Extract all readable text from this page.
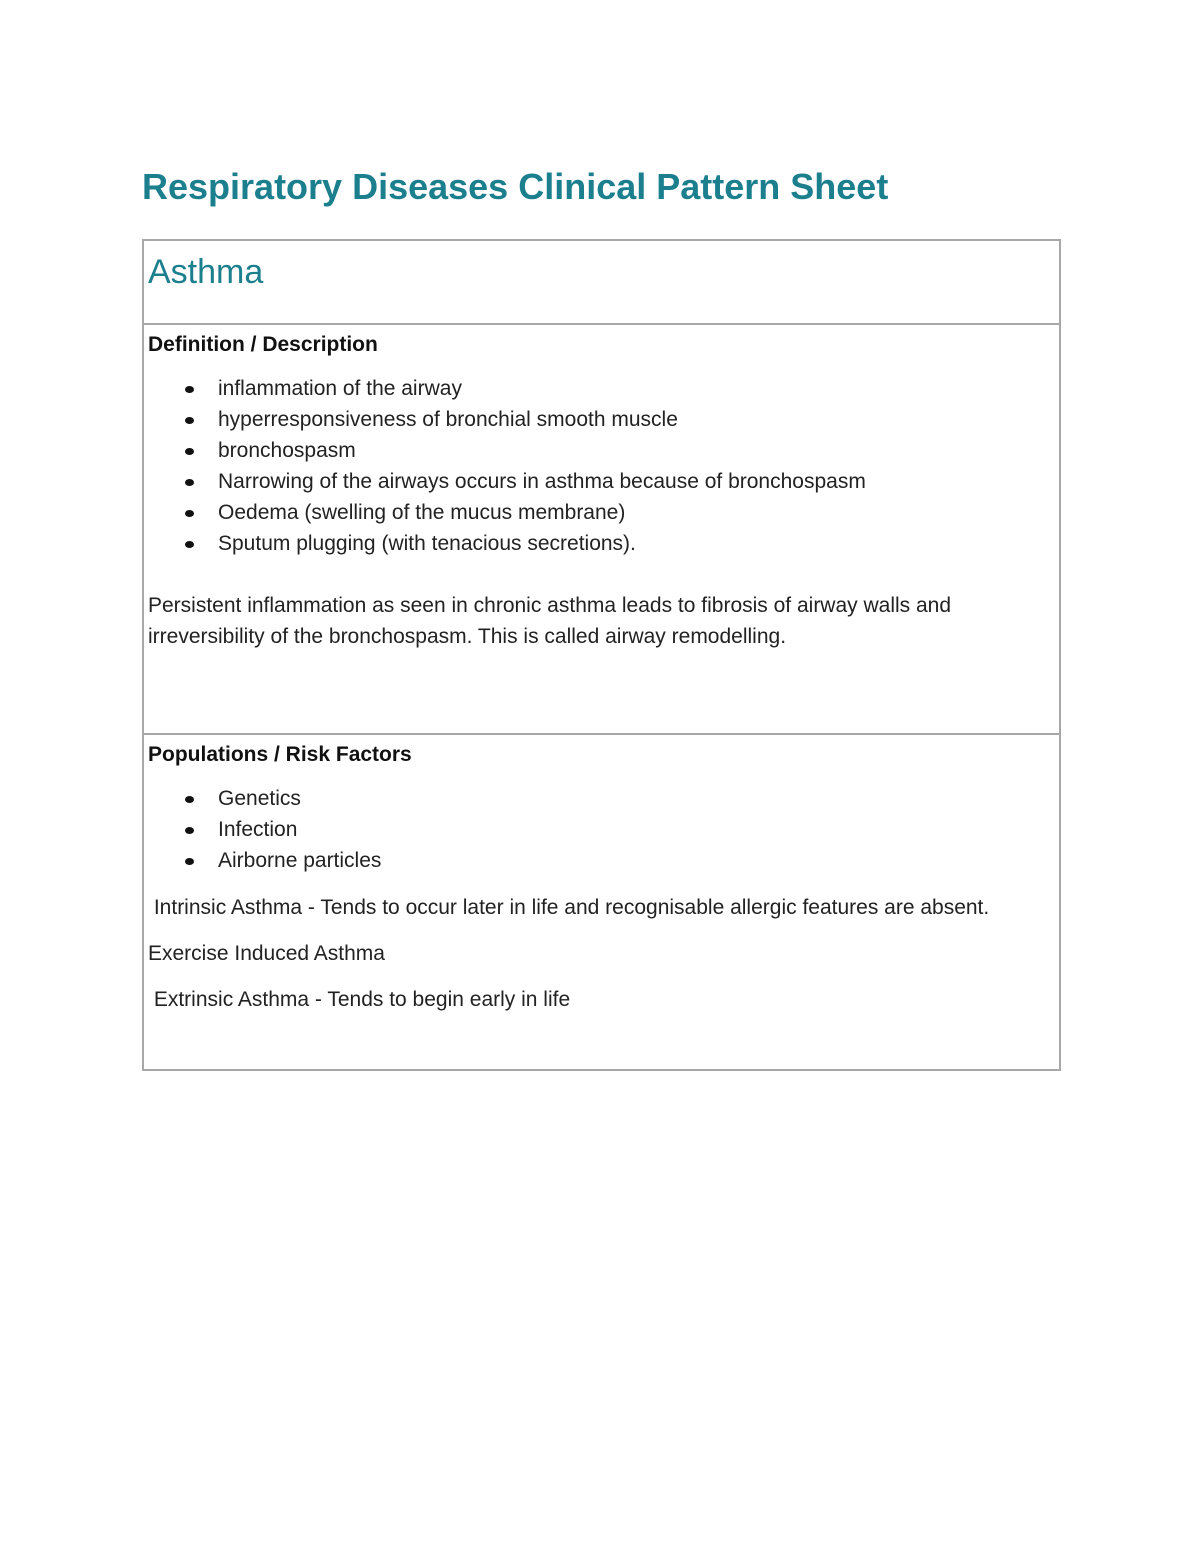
Respiratory Diseases Clinical Pattern Sheet
Asthma

Definition / Description
inflammation of the airway
hyperresponsiveness of bronchial smooth muscle
bronchospasm
Narrowing of the airways occurs in asthma because of bronchospasm
Oedema (swelling of the mucus membrane)
Sputum plugging (with tenacious secretions).

Persistent inflammation as seen in chronic asthma leads to fibrosis of airway walls and irreversibility of the bronchospasm. This is called airway remodelling.

Populations / Risk Factors
Genetics
Infection
Airborne particles

Intrinsic Asthma - Tends to occur later in life and recognisable allergic features are absent.

Exercise Induced Asthma

Extrinsic Asthma - Tends to begin early in life
